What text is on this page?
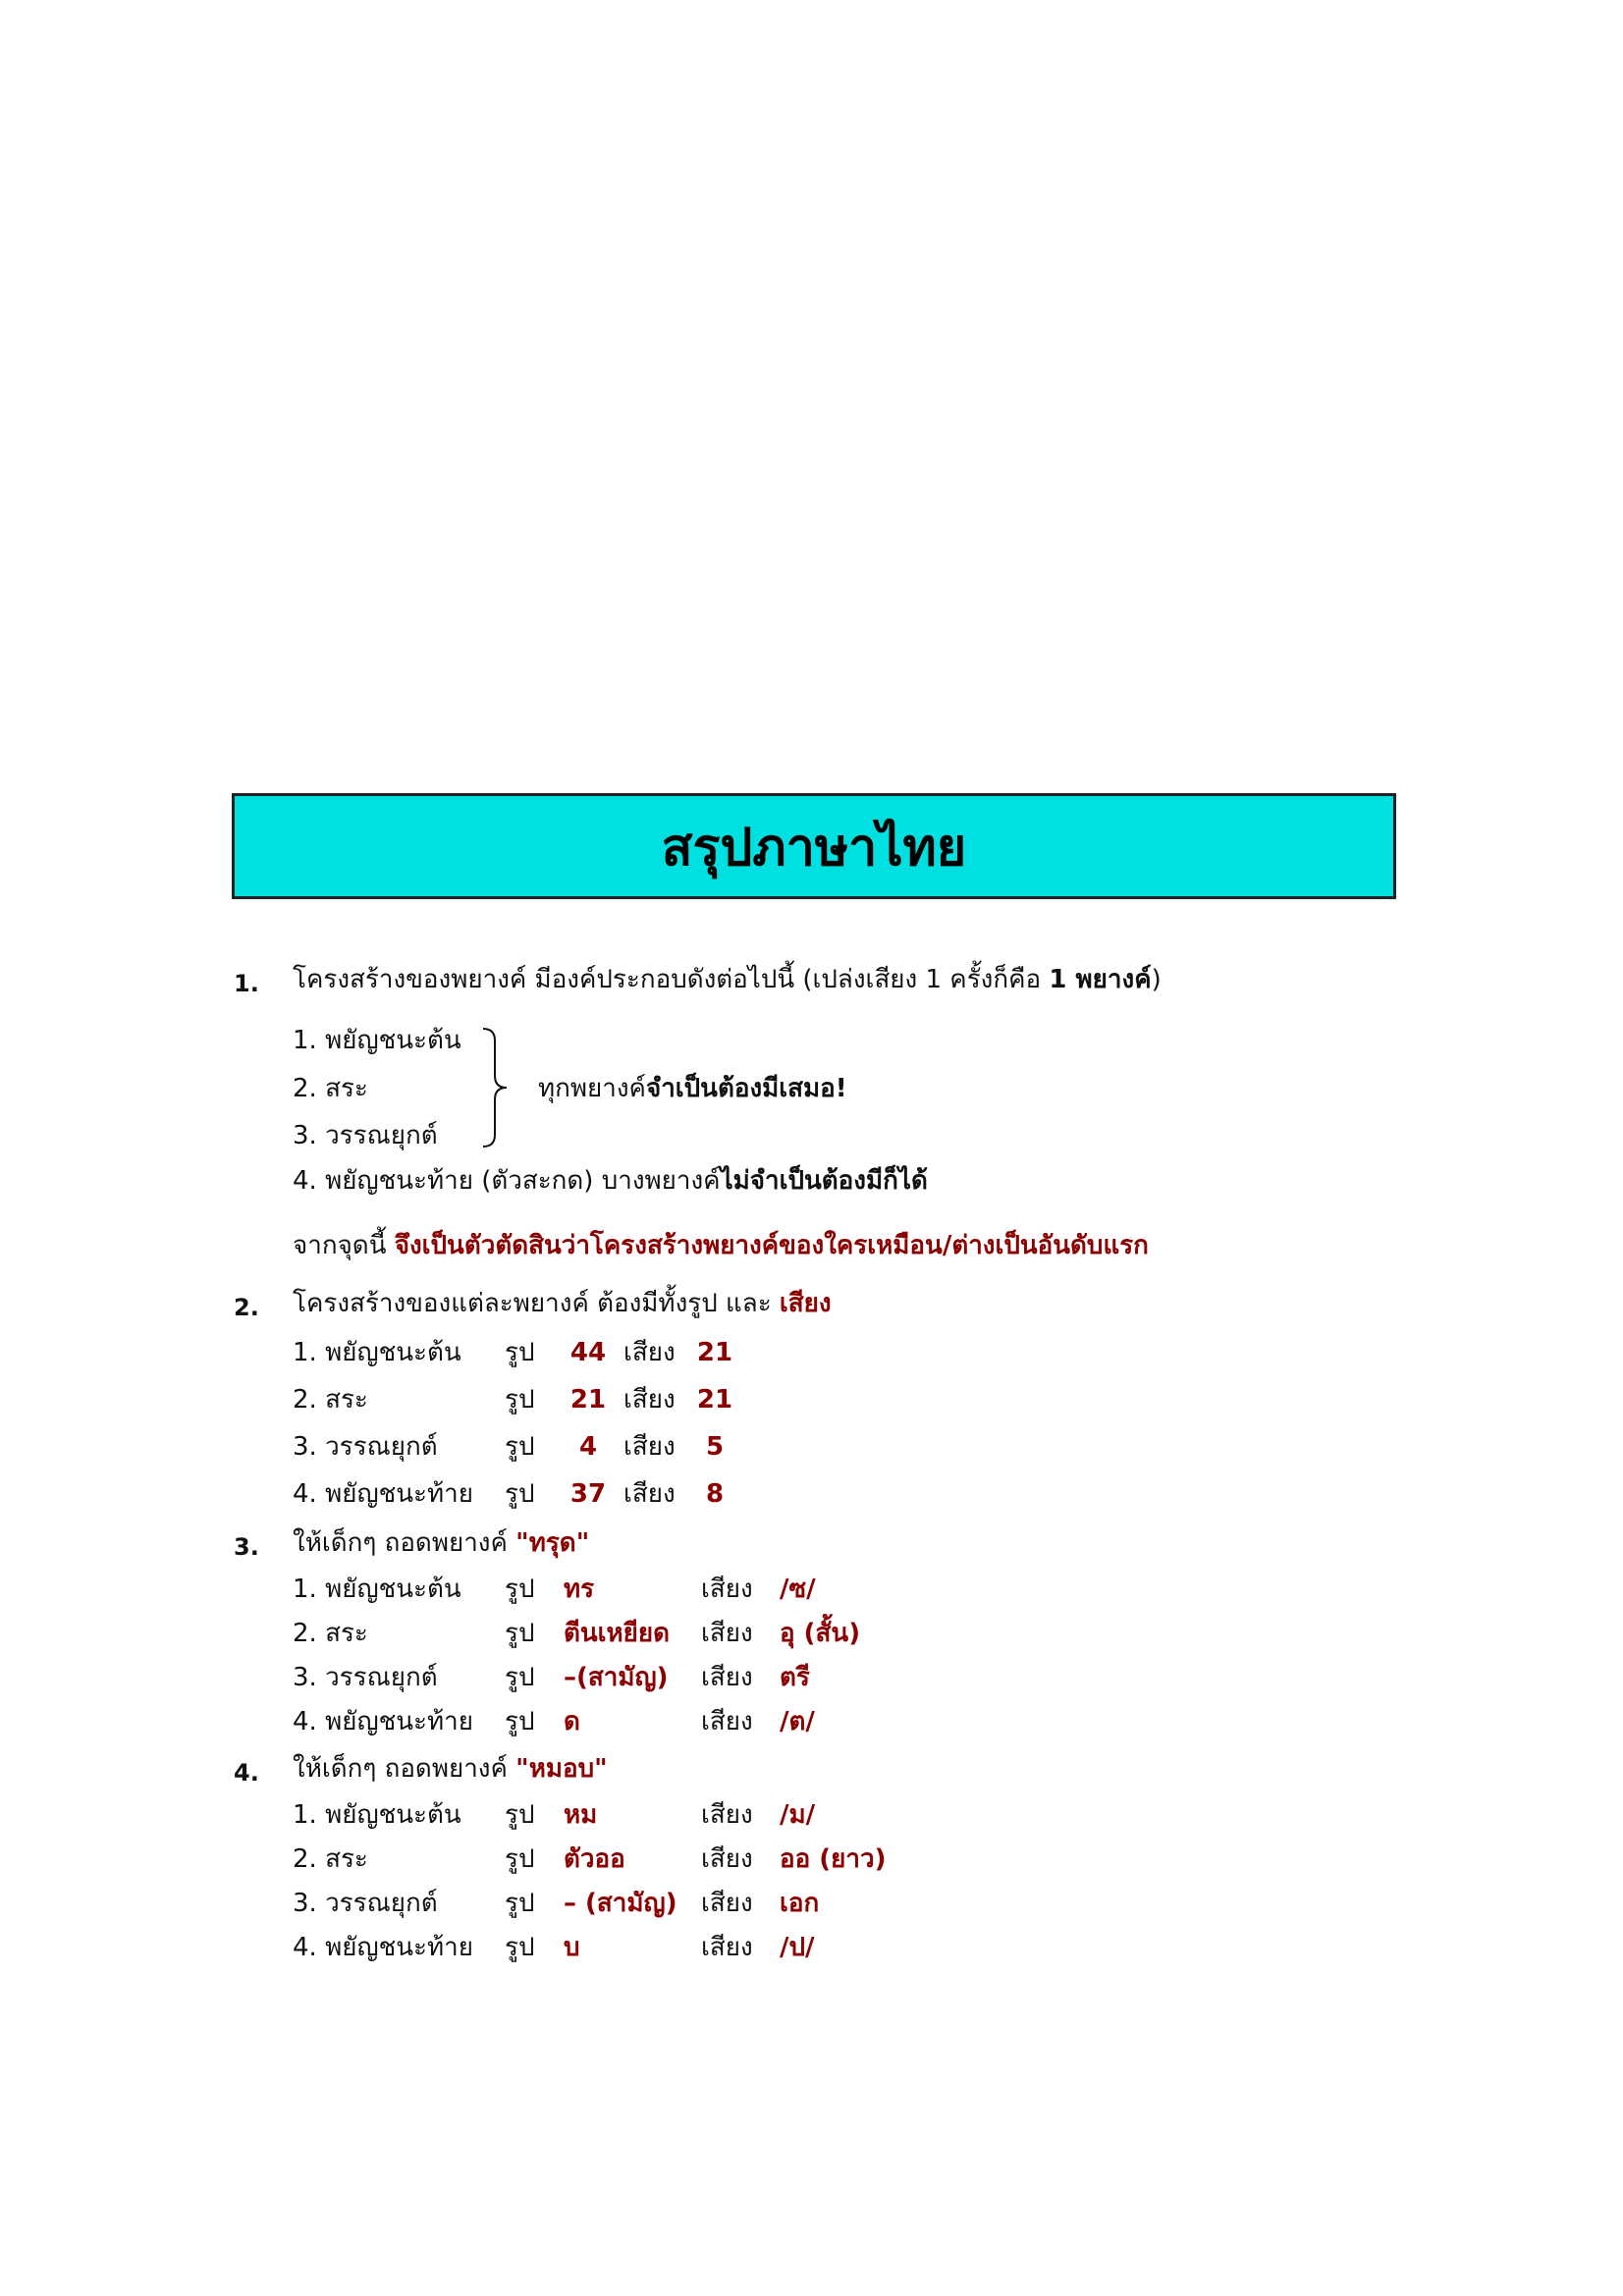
สรุปภาษาไทย
1. โครงสร้างของพยางค์ มีองค์ประกอบดังต่อไปนี้ (เปล่งเสียง 1 ครั้งก็คือ 1 พยางค์)
1. พยัญชนะต้น
2. สระ
3. วรรณยุกต์
ทุกพยางค์จำเป็นต้องมีเสมอ!
4. พยัญชนะท้าย (ตัวสะกด) บางพยางค์ไม่จำเป็นต้องมีก็ได้
จากจุดนี้ จึงเป็นตัวตัดสินว่าโครงสร้างพยางค์ของใครเหมือน/ต่างเป็นอันดับแรก
2. โครงสร้างของแต่ละพยางค์ ต้องมีทั้งรูป และ เสียง
1. พยัญชนะต้น รูป 44 เสียง 21
2. สระ	รูป 21 เสียง 21
3. วรรณยุกต์	รูป	4	เสียง	5
4. พยัญชนะท้าย รูป 37 เสียง	8
3. ให้เด็กๆ ถอดพยางค์ "ทรุด"
1. พยัญชนะต้น รูป ทร	เสียง /ซ/
2. สระ	รูป ตีนเหยียด เสียง อุ (สั้น)
3. วรรณยุกต์	รูป –(สามัญ) เสียง ตรี
4. พยัญชนะท้าย รูป ด	เสียง /ต/
4. ให้เด็กๆ ถอดพยางค์ "หมอบ"
1. พยัญชนะต้น รูป หม	เสียง /ม/
2. สระ	รูป ตัวออ	เสียง ออ (ยาว)
3. วรรณยุกต์	รูป – (สามัญ) เสียง เอก
4. พยัญชนะท้าย รูป บ	เสียง /ป/
